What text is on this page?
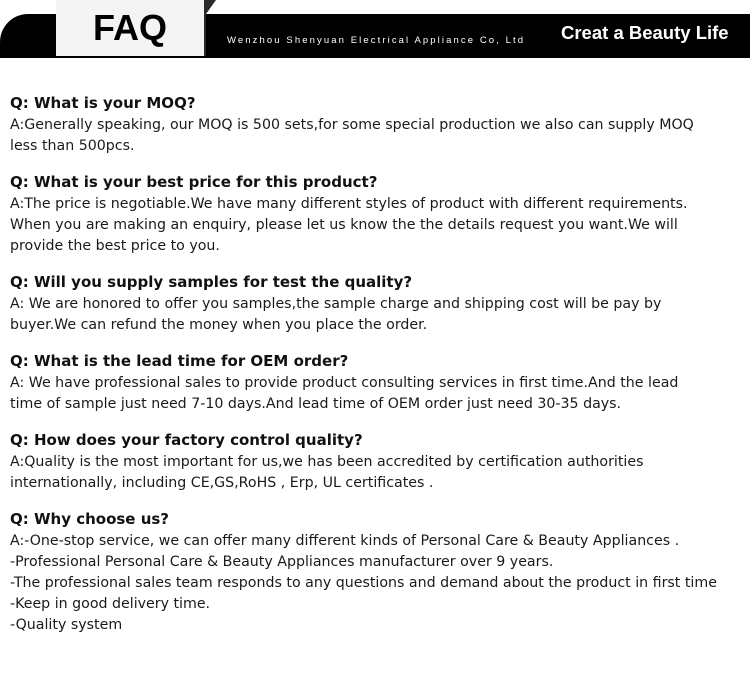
FAQ	Wenzhou Shenyuan Electrical Appliance Co, Ltd Creat a Beauty Life
Q: What is your MOQ?
A:Generally speaking, our MOQ is 500 sets,for some special production we also can supply MOQ
less than 500pcs.
Q: What is your best price for this product?
A:The price is negotiable.We have many different styles of product with different requirements.
When you are making an enquiry, please let us know the the details request you want.We will
provide the best price to you.
Q: Will you supply samples for test the quality?
A: We are honored to offer you samples,the sample charge and shipping cost will be pay by
buyer.We can refund the money when you place the order.
Q: What is the lead time for OEM order?
A: We have professional sales to provide product consulting services in first time.And the lead
time of sample just need 7-10 days.And lead time of OEM order just need 30-35 days.
Q: How does your factory control quality?
A:Quality is the most important for us,we has been accredited by certification authorities
internationally, including CE,GS,RoHS , Erp, UL certificates .
Q: Why choose us?
A:-One-stop service, we can offer many different kinds of Personal Care & Beauty Appliances .
-Professional Personal Care & Beauty Appliances manufacturer over 9 years.
-The professional sales team responds to any questions and demand about the product in first time
-Keep in good delivery time.
-Quality system
